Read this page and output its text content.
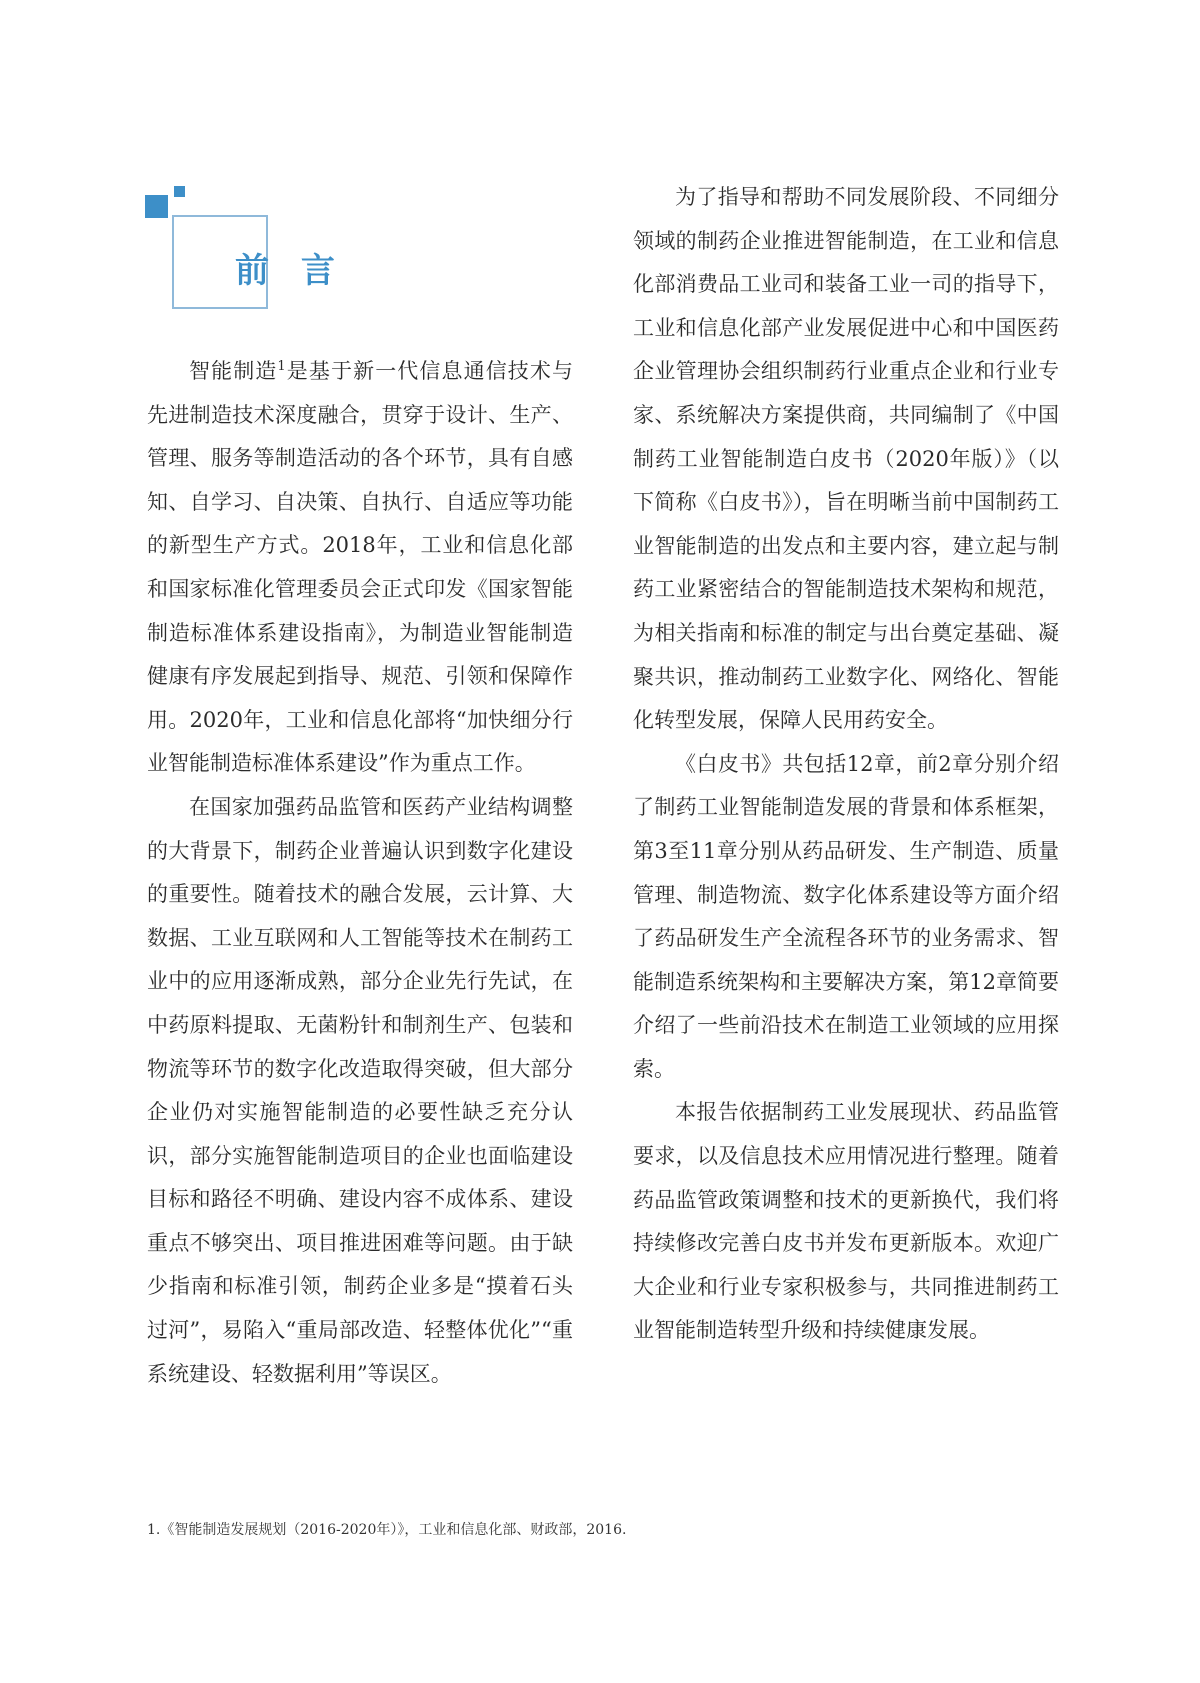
前 言

智能制造$^1$是基于新一代信息通信技术与先进制造技术深度融合，贯穿于设计、生产、管理、服务等制造活动的各个环节，具有自感知、自学习、自决策、自执行、自适应等功能的新型生产方式。2018年，工业和信息化部和国家标准化管理委员会正式印发《国家智能制造标准体系建设指南》，为制造业智能制造健康有序发展起到指导、规范、引领和保障作用。2020年，工业和信息化部将“加快细分行业智能制造标准体系建设”作为重点工作。

在国家加强药品监管和医药产业结构调整的大背景下，制药企业普遍认识到数字化建设的重要性。随着技术的融合发展，云计算、大数据、工业互联网和人工智能等技术在制药工业中的应用逐渐成熟，部分企业先行先试，在中药原料提取、无菌粉针和制剂生产、包装和物流等环节的数字化改造取得突破，但大部分企业仍对实施智能制造的必要性缺乏充分认识，部分实施智能制造项目的企业也面临建设目标和路径不明确、建设内容不成体系、建设重点不够突出、项目推进困难等问题。由于缺少指南和标准引领，制药企业多是“摸着石头过河”，易陷入“重局部改造、轻整体优化”“重系统建设、轻数据利用”等误区。

为了指导和帮助不同发展阶段、不同细分领域的制药企业推进智能制造，在工业和信息化部消费品工业司和装备工业一司的指导下，工业和信息化部产业发展促进中心和中国医药企业管理协会组织制药行业重点企业和行业专家、系统解决方案提供商，共同编制了《中国制药工业智能制造白皮书（2020年版）》（以下简称《白皮书》），旨在明晰当前中国制药工业智能制造的出发点和主要内容，建立起与制药工业紧密结合的智能制造技术架构和规范，为相关指南和标准的制定与出台奠定基础、凝聚共识，推动制药工业数字化、网络化、智能化转型发展，保障人民用药安全。

《白皮书》共包括12章，前2章分别介绍了制药工业智能制造发展的背景和体系框架，第3至11章分别从药品研发、生产制造、质量管理、制造物流、数字化体系建设等方面介绍了药品研发生产全流程各环节的业务需求、智能制造系统架构和主要解决方案，第12章简要介绍了一些前沿技术在制造工业领域的应用探索。

本报告依据制药工业发展现状、药品监管要求，以及信息技术应用情况进行整理。随着药品监管政策调整和技术的更新换代，我们将持续修改完善白皮书并发布更新版本。欢迎广大企业和行业专家积极参与，共同推进制药工业智能制造转型升级和持续健康发展。

1.《智能制造发展规划（2016-2020年）》，工业和信息化部、财政部，2016.
